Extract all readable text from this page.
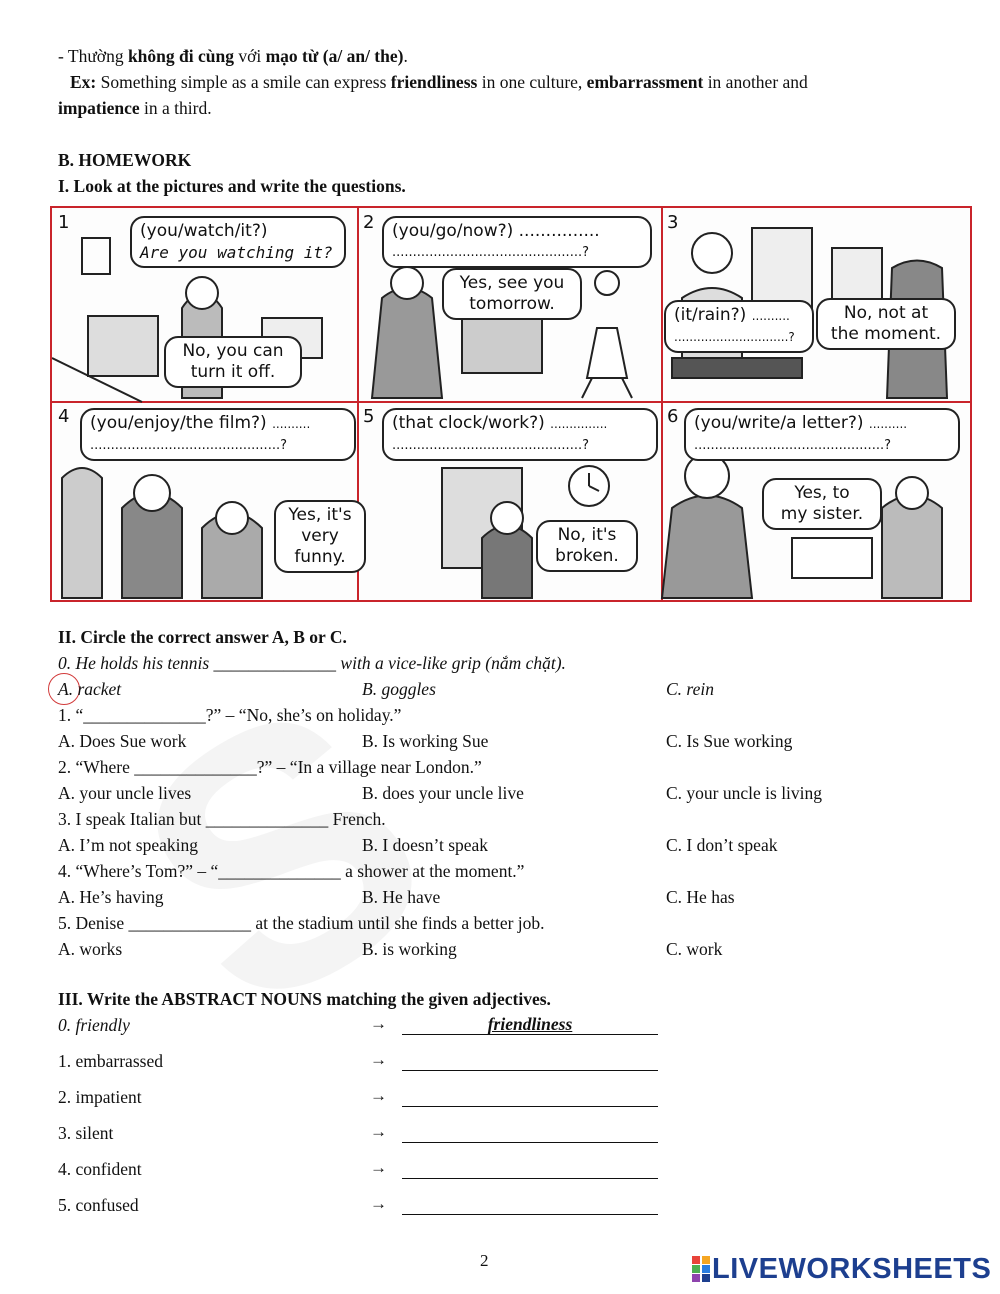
- Thường không đi cùng với mạo từ (a/ an/ the).
Ex: Something simple as a smile can express friendliness in one culture, embarrassment in another and
impatience in a third.
B. HOMEWORK
I. Look at the pictures and write the questions.
1	2	3
4	5	6
(you/watch/it?)
Are you watching it?
No, you can
turn it off.
(you/go/now?) ...............
..............................................?
Yes, see you
tomorrow.
(it/rain?) ..........
..............................?
No, not at
the moment.
(you/enjoy/the film?) ..........
..............................................?
Yes, it's
very
funny.
(that clock/work?) ...............
..............................................?
No, it's
broken.
(you/write/a letter?) ..........
..............................................?
Yes, to
my sister.
II. Circle the correct answer A, B or C.
0. He holds his tennis ______________ with a vice-like grip (nắm chặt).
A. racket	B. goggles	C. rein
1. “______________?” – “No, she’s on holiday.”
A. Does Sue work	B. Is working Sue	C. Is Sue working
2. “Where ______________?” – “In a village near London.”
A. your uncle lives	B. does your uncle live	C. your uncle is living
3. I speak Italian but ______________ French.
A. I’m not speaking	B. I doesn’t speak	C. I don’t speak
4. “Where’s Tom?” – “______________ a shower at the moment.”
A. He’s having	B. He have	C. He has
5. Denise ______________ at the stadium until she finds a better job.
A. works	B. is working	C. work
III. Write the ABSTRACT NOUNS matching the given adjectives.
0. friendly	→	friendliness
1. embarrassed	→
2. impatient	→
3. silent	→
4. confident	→
5. confused	→
2	LIVEWORKSHEETS
